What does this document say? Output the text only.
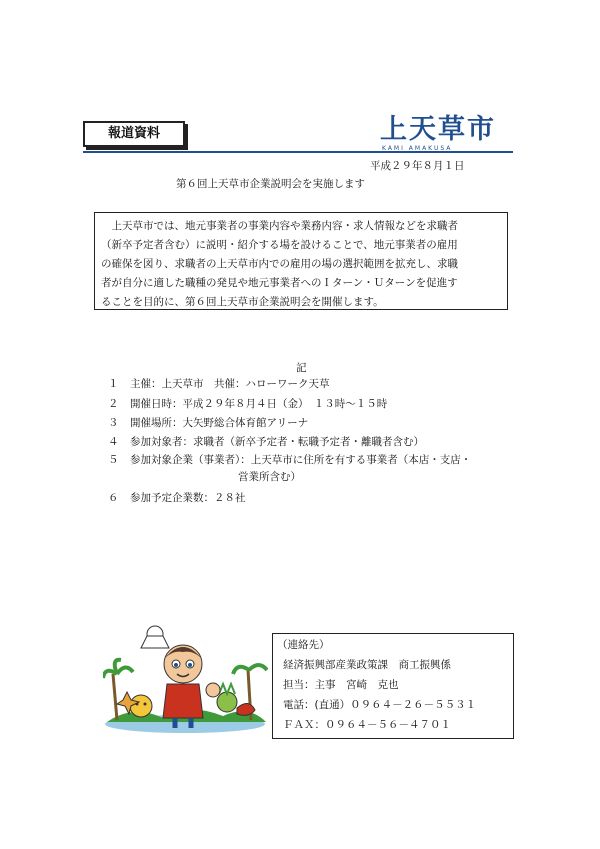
報道資料	上天草市
KAMI AMAKUSA
平成２９年８月１日
第６回上天草市企業説明会を実施します
　上天草市では、地元事業者の事業内容や業務内容・求人情報などを求職者
（新卒予定者含む）に説明・紹介する場を設けることで、地元事業者の雇用
の確保を図り、求職者の上天草市内での雇用の場の選択範囲を拡充し、求職
者が自分に適した職種の発見や地元事業者へのＩターン・Ｕターンを促進す
ることを目的に、第６回上天草市企業説明会を開催します。
記
１ 主催：上天草市　共催：ハローワーク天草
２ 開催日時：平成２９年８月４日（金）　１３時～１５時
３ 開催場所：大矢野総合体育館アリーナ
４ 参加対象者：求職者（新卒予定者・転職予定者・離職者含む）
５ 参加対象企業（事業者）：上天草市に住所を有する事業者（本店・支店・
営業所含む）
６ 参加予定企業数：２８社
（連絡先）
経済振興部産業政策課　商工振興係
担当：主事　宮崎　克也
電話：(直通）０９６４－２６－５５３１
ＦＡＸ：０９６４－５６－４７０１
